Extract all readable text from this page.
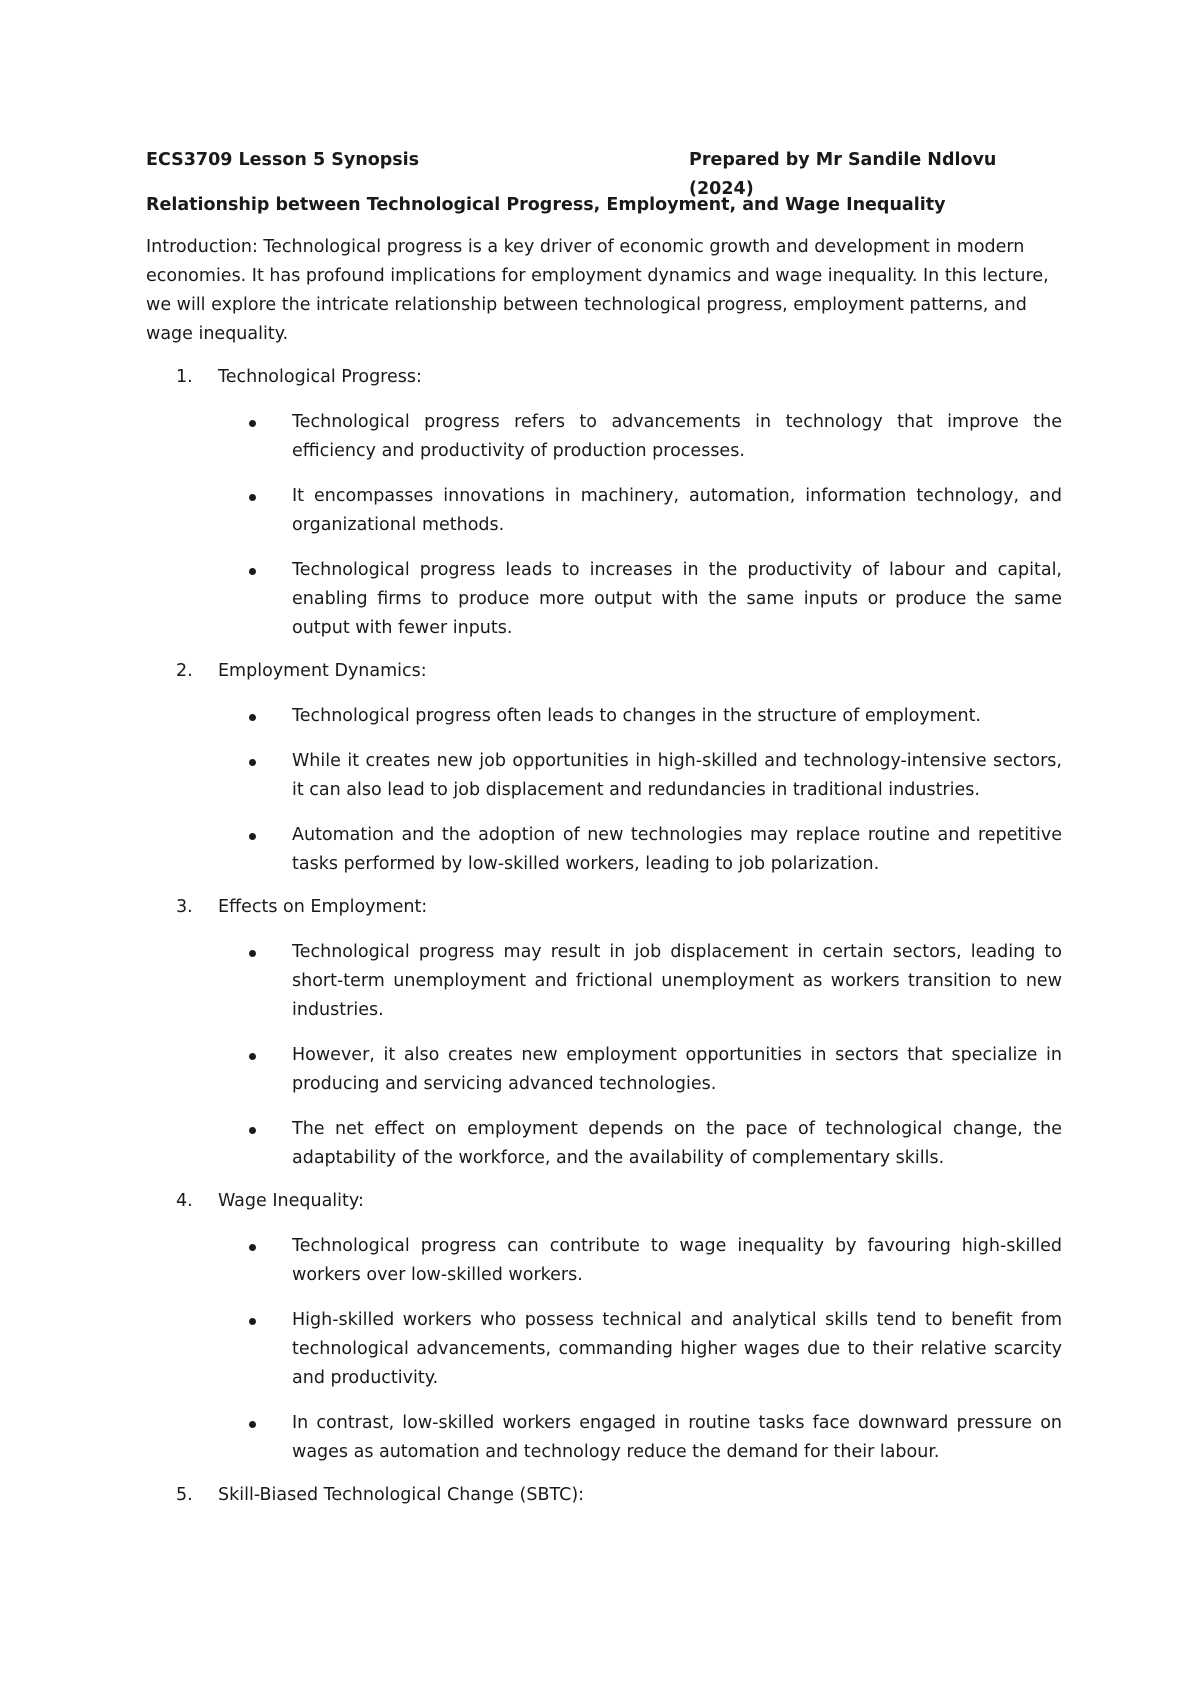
ECS3709 Lesson 5 Synopsis	Prepared by Mr Sandile Ndlovu (2024)
Relationship between Technological Progress, Employment, and Wage Inequality
Introduction: Technological progress is a key driver of economic growth and development in modern economies. It has profound implications for employment dynamics and wage inequality. In this lecture, we will explore the intricate relationship between technological progress, employment patterns, and wage inequality.
1.	Technological Progress:
Technological progress refers to advancements in technology that improve the efficiency and productivity of production processes.
It encompasses innovations in machinery, automation, information technology, and organizational methods.
Technological progress leads to increases in the productivity of labour and capital, enabling firms to produce more output with the same inputs or produce the same output with fewer inputs.
2.	Employment Dynamics:
Technological progress often leads to changes in the structure of employment.
While it creates new job opportunities in high-skilled and technology-intensive sectors, it can also lead to job displacement and redundancies in traditional industries.
Automation and the adoption of new technologies may replace routine and repetitive tasks performed by low-skilled workers, leading to job polarization.
3.	Effects on Employment:
Technological progress may result in job displacement in certain sectors, leading to short-term unemployment and frictional unemployment as workers transition to new industries.
However, it also creates new employment opportunities in sectors that specialize in producing and servicing advanced technologies.
The net effect on employment depends on the pace of technological change, the adaptability of the workforce, and the availability of complementary skills.
4.	Wage Inequality:
Technological progress can contribute to wage inequality by favouring high-skilled workers over low-skilled workers.
High-skilled workers who possess technical and analytical skills tend to benefit from technological advancements, commanding higher wages due to their relative scarcity and productivity.
In contrast, low-skilled workers engaged in routine tasks face downward pressure on wages as automation and technology reduce the demand for their labour.
5.	Skill-Biased Technological Change (SBTC):
